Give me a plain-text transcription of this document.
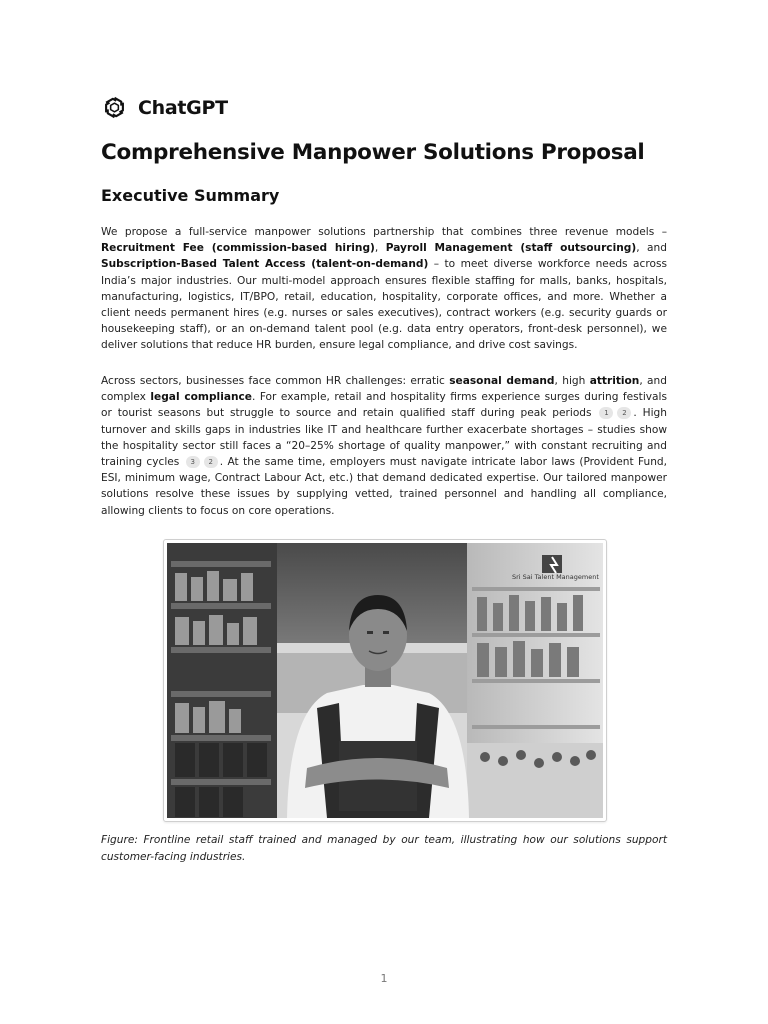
ChatGPT
Comprehensive Manpower Solutions Proposal
Executive Summary

We propose a full-service manpower solutions partnership that combines three revenue models – Recruitment Fee (commission-based hiring), Payroll Management (staff outsourcing), and Subscription-Based Talent Access (talent-on-demand) – to meet diverse workforce needs across India’s major industries. Our multi-model approach ensures flexible staffing for malls, banks, hospitals, manufacturing, logistics, IT/BPO, retail, education, hospitality, corporate offices, and more. Whether a client needs permanent hires (e.g. nurses or sales executives), contract workers (e.g. security guards or housekeeping staff), or an on-demand talent pool (e.g. data entry operators, front-desk personnel), we deliver solutions that reduce HR burden, ensure legal compliance, and drive cost savings.

Across sectors, businesses face common HR challenges: erratic seasonal demand, high attrition, and complex legal compliance. For example, retail and hospitality firms experience surges during festivals or tourist seasons but struggle to source and retain qualified staff during peak periods 1 2 . High turnover and skills gaps in industries like IT and healthcare further exacerbate shortages – studies show the hospitality sector still faces a “20–25% shortage of quality manpower,” with constant recruiting and training cycles 3 2 . At the same time, employers must navigate intricate labor laws (Provident Fund, ESI, minimum wage, Contract Labour Act, etc.) that demand dedicated expertise. Our tailored manpower solutions resolve these issues by supplying vetted, trained personnel and handling all compliance, allowing clients to focus on core operations.

Sri Sai Talent Management

Figure: Frontline retail staff trained and managed by our team, illustrating how our solutions support customer-facing industries.

1
